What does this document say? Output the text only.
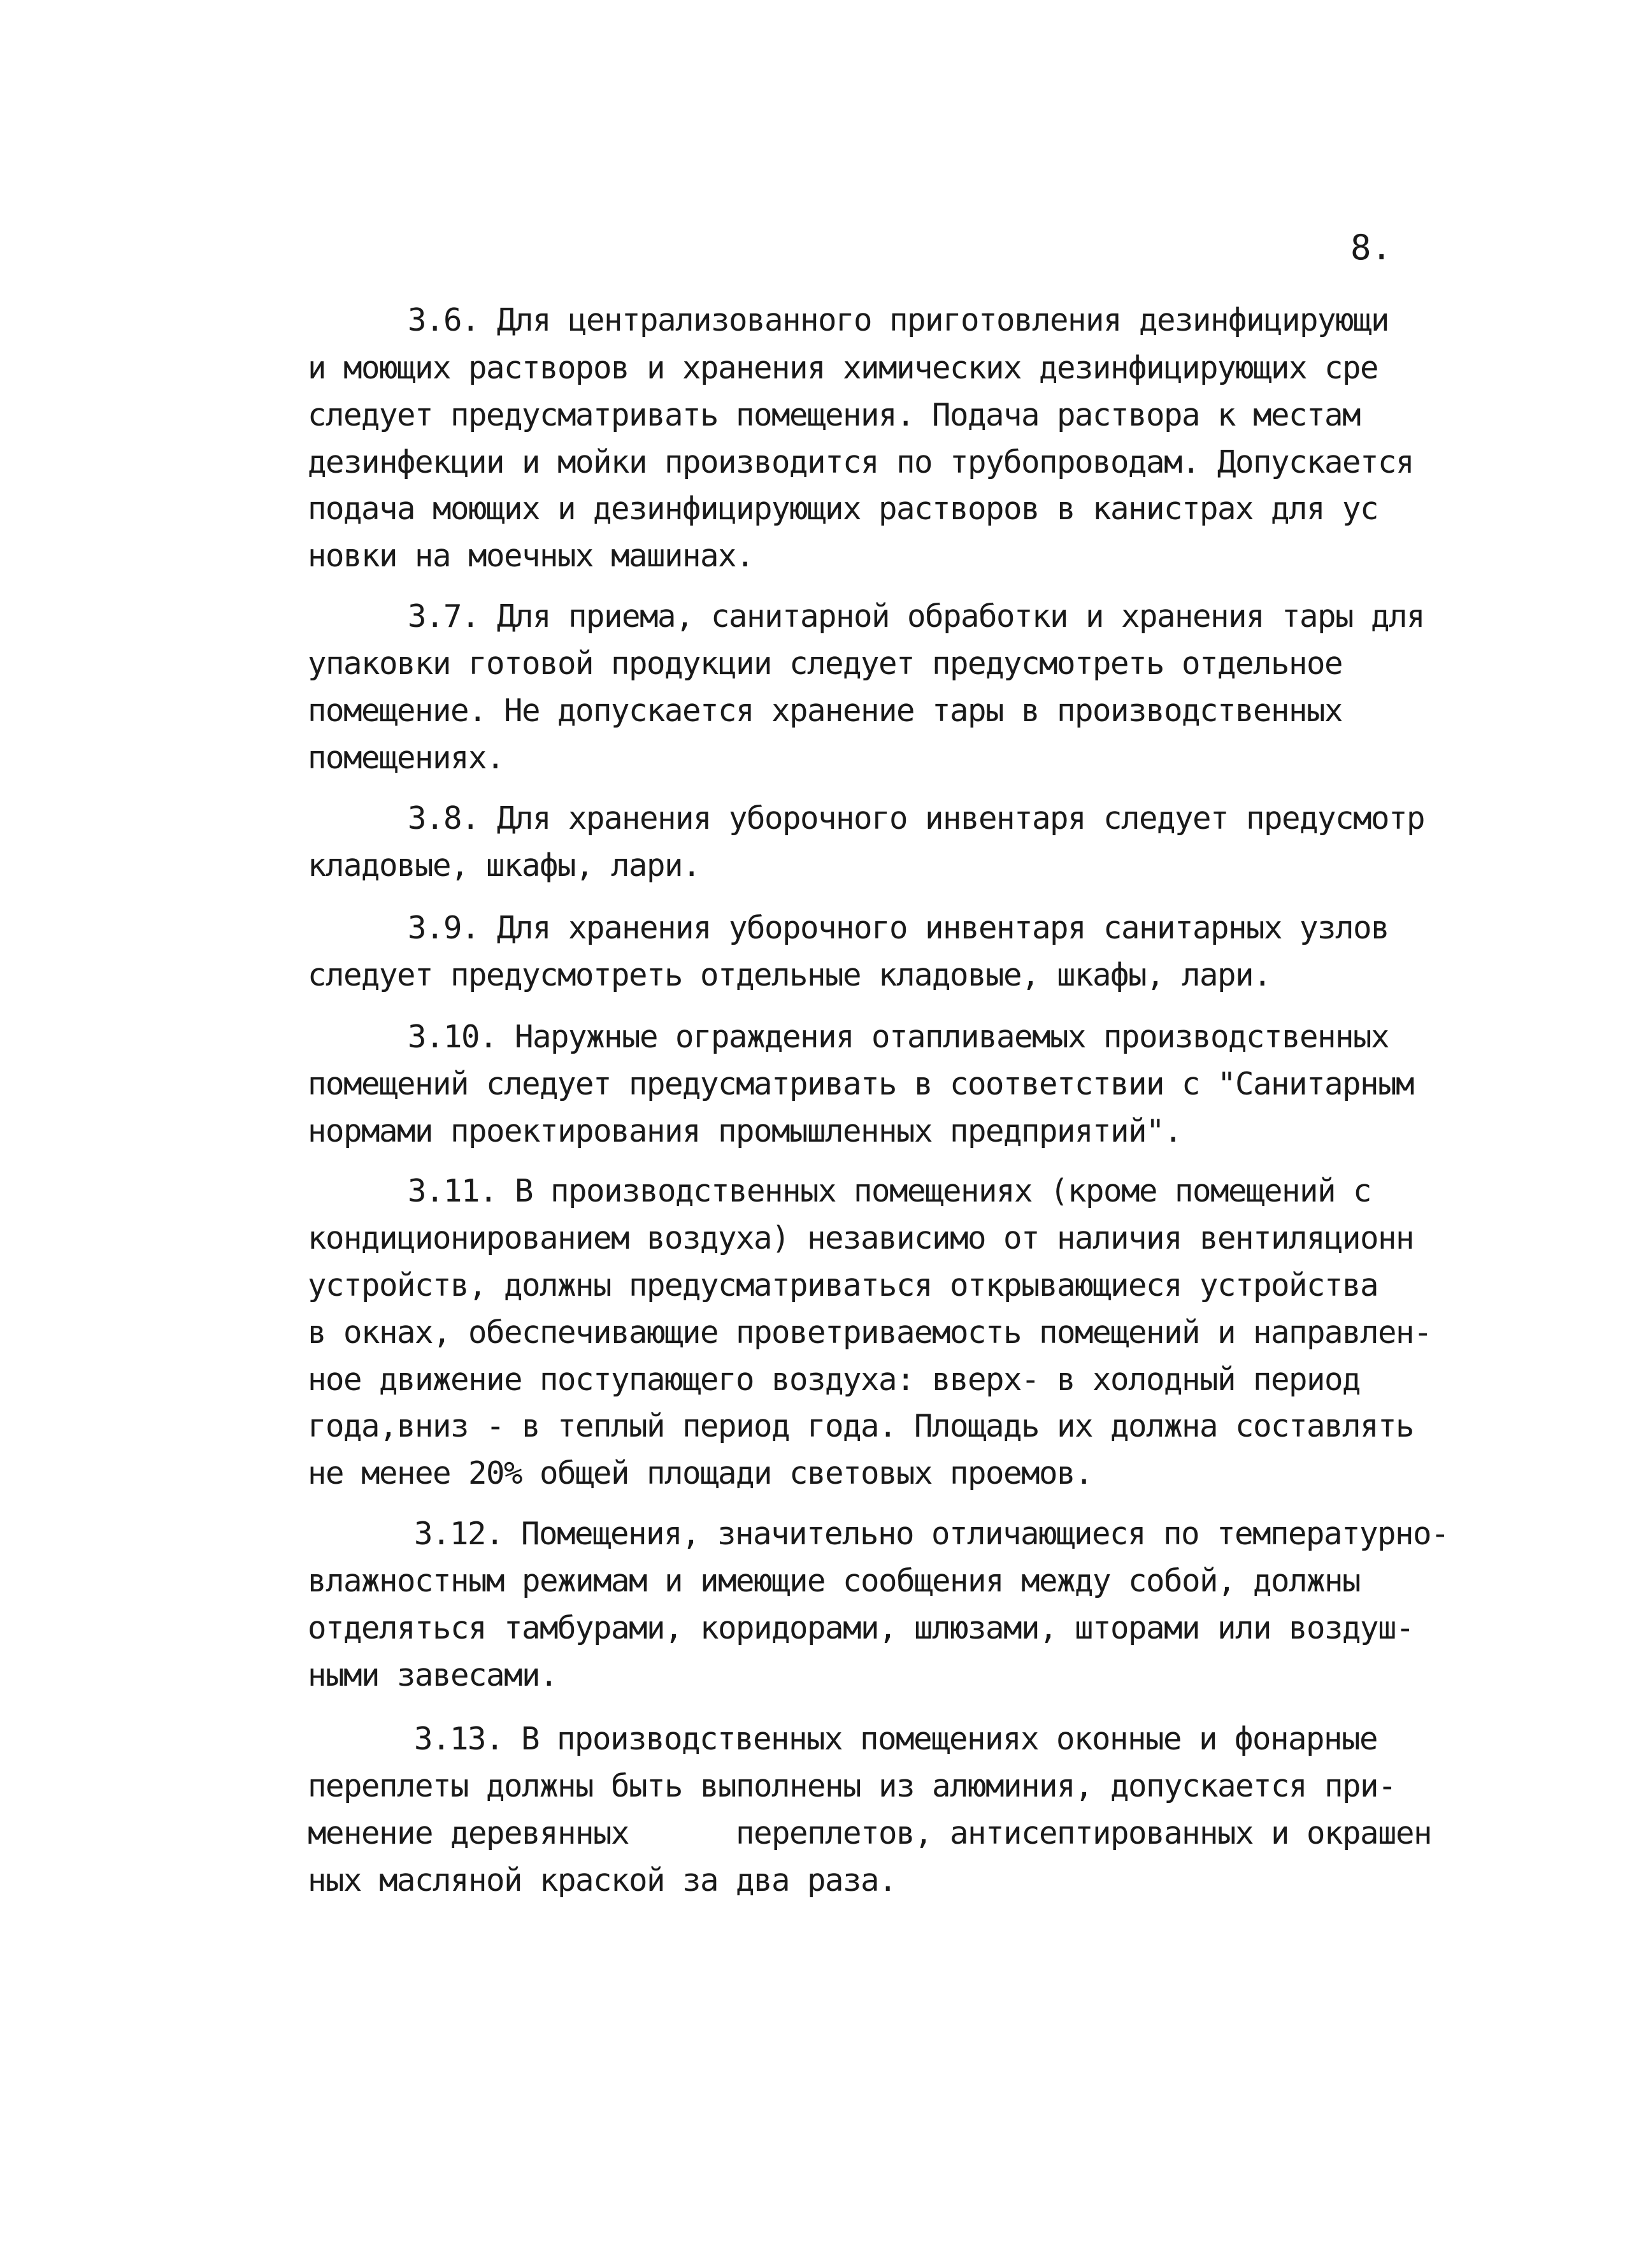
8.
3.6. Для централизованного приготовления дезинфицирующи
и моющих растворов и хранения химических дезинфицирующих сре
следует предусматривать помещения. Подача раствора к местам
дезинфекции и мойки производится по трубопроводам. Допускается
подача моющих и дезинфицирующих растворов в канистрах для ус
новки на моечных машинах.
3.7. Для приема, санитарной обработки и хранения тары для
упаковки готовой продукции следует предусмотреть отдельное
помещение. Не допускается хранение тары в производственных
помещениях.
3.8. Для хранения уборочного инвентаря следует предусмотр
кладовые, шкафы, лари.
3.9. Для хранения уборочного инвентаря санитарных узлов
следует предусмотреть отдельные кладовые, шкафы, лари.
3.10. Наружные ограждения отапливаемых производственных
помещений следует предусматривать в соответствии с "Санитарным
нормами проектирования промышленных предприятий".
3.11. В производственных помещениях (кроме помещений с
кондиционированием воздуха) независимо от наличия вентиляционн
устройств, должны предусматриваться открывающиеся устройства
в окнах, обеспечивающие проветриваемость помещений и направлен-
ное движение поступающего воздуха: вверх- в холодный период
года,вниз - в теплый период года. Площадь их должна составлять
не менее 20% общей площади световых проемов.
3.12. Помещения, значительно отличающиеся по температурно-
влажностным режимам и имеющие сообщения между собой, должны
отделяться тамбурами, коридорами, шлюзами, шторами или воздуш-
ными завесами.
3.13. В производственных помещениях оконные и фонарные
переплеты должны быть выполнены из алюминия, допускается при-
менение деревянных      переплетов, антисептированных и окрашен
ных масляной краской за два раза.
